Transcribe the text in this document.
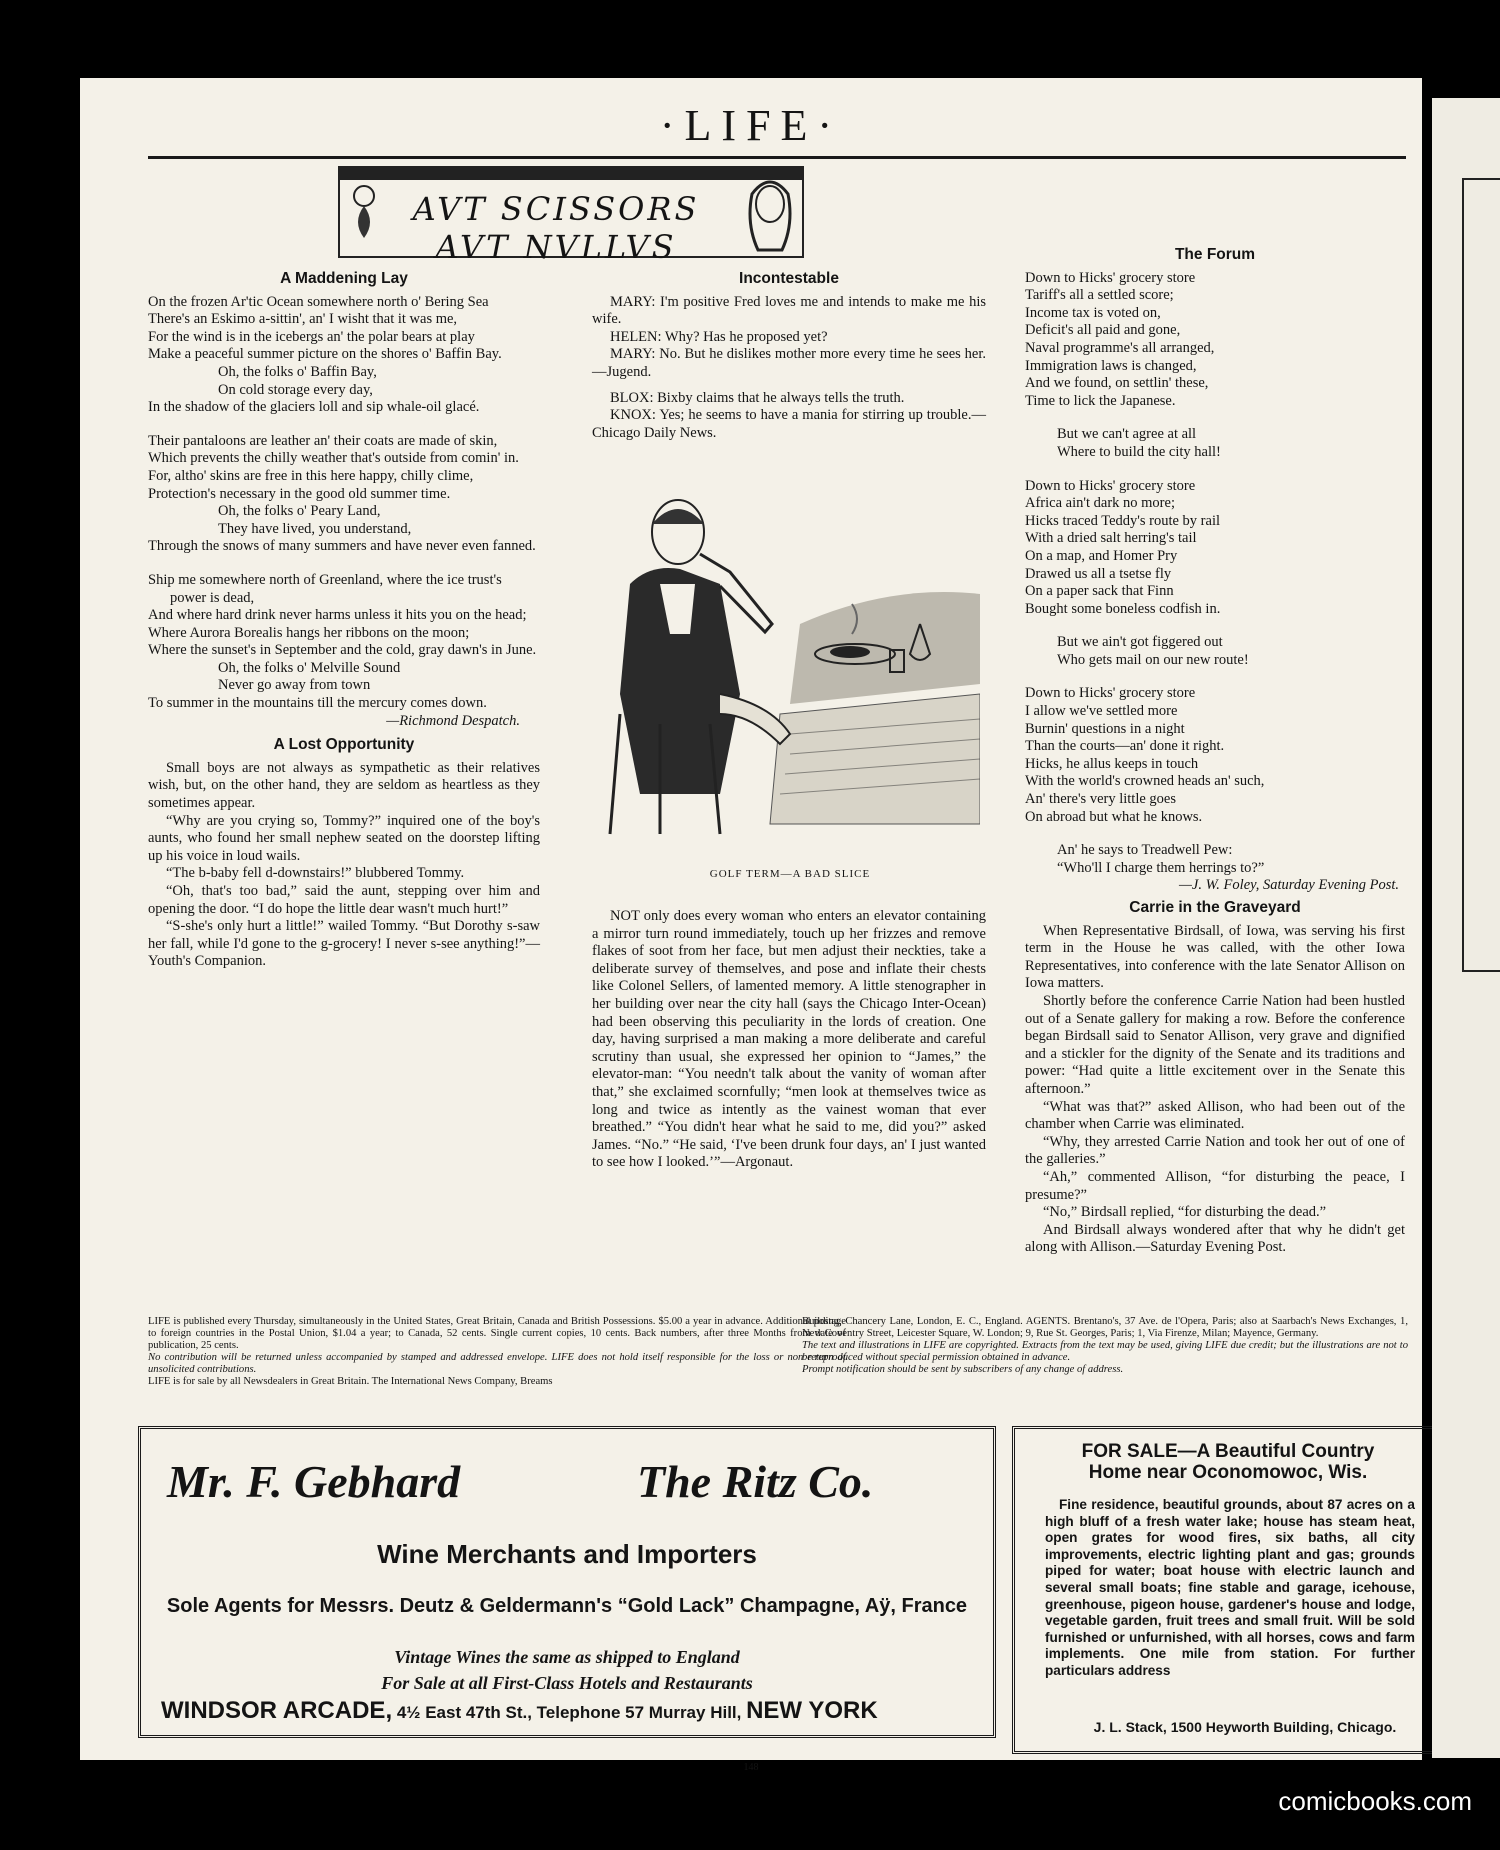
·LIFE·
AVT SCISSORS AVT NVLLVS
A Maddening Lay
On the frozen Ar'tic Ocean somewhere north o' Bering Sea
There's an Eskimo a-sittin', an' I wisht that it was me,
For the wind is in the icebergs an' the polar bears at play
Make a peaceful summer picture on the shores o' Baffin Bay.
Oh, the folks o' Baffin Bay,
On cold storage every day,
In the shadow of the glaciers loll and sip whale-oil glacé.
Their pantaloons are leather an' their coats are made of skin,
Which prevents the chilly weather that's outside from comin' in.
For, altho' skins are free in this here happy, chilly clime,
Protection's necessary in the good old summer time.
Oh, the folks o' Peary Land,
They have lived, you understand,
Through the snows of many summers and have never even fanned.
Ship me somewhere north of Greenland, where the ice trust's power is dead,
And where hard drink never harms unless it hits you on the head;
Where Aurora Borealis hangs her ribbons on the moon;
Where the sunset's in September and the cold, gray dawn's in June.
Oh, the folks o' Melville Sound
Never go away from town
To summer in the mountains till the mercury comes down.

—Richmond Despatch.

A Lost Opportunity

Small boys are not always as sympathetic as their relatives wish, but, on the other hand, they are seldom as heartless as they sometimes appear.

“Why are you crying so, Tommy?” inquired one of the boy's aunts, who found her small nephew seated on the doorstep lifting up his voice in loud wails.

“The b-baby fell d-downstairs!” blubbered Tommy.

“Oh, that's too bad,” said the aunt, stepping over him and opening the door. “I do hope the little dear wasn't much hurt!”

“S-she's only hurt a little!” wailed Tommy. “But Dorothy s-saw her fall, while I'd gone to the g-grocery! I never s-see anything!”—Youth's Companion.

Incontestable

MARY: I'm positive Fred loves me and intends to make me his wife.

HELEN: Why? Has he proposed yet?

MARY: No. But he dislikes mother more every time he sees her.—Jugend.

BLOX: Bixby claims that he always tells the truth.

KNOX: Yes; he seems to have a mania for stirring up trouble.—Chicago Daily News.

GOLF TERM—A BAD SLICE

NOT only does every woman who enters an elevator containing a mirror turn round immediately, touch up her frizzes and remove flakes of soot from her face, but men adjust their neckties, take a deliberate survey of themselves, and pose and inflate their chests like Colonel Sellers, of lamented memory. A little stenographer in her building over near the city hall (says the Chicago Inter-Ocean) had been observing this peculiarity in the lords of creation. One day, having surprised a man making a more deliberate and careful scrutiny than usual, she expressed her opinion to “James,” the elevator-man: “You needn't talk about the vanity of woman after that,” she exclaimed scornfully; “men look at themselves twice as long and twice as intently as the vainest woman that ever breathed.” “You didn't hear what he said to me, did you?” asked James. “No.” “He said, ‘I've been drunk four days, an' I just wanted to see how I looked.’”—Argonaut.

The Forum
Down to Hicks' grocery store
Tariff's all a settled score;
Income tax is voted on,
Deficit's all paid and gone,
Naval programme's all arranged,
Immigration laws is changed,
And we found, on settlin' these,
Time to lick the Japanese.
But we can't agree at all
Where to build the city hall!
Down to Hicks' grocery store
Africa ain't dark no more;
Hicks traced Teddy's route by rail
With a dried salt herring's tail
On a map, and Homer Pry
Drawed us all a tsetse fly
On a paper sack that Finn
Bought some boneless codfish in.
But we ain't got figgered out
Who gets mail on our new route!
Down to Hicks' grocery store
I allow we've settled more
Burnin' questions in a night
Than the courts—an' done it right.
Hicks, he allus keeps in touch
With the world's crowned heads an' such,
An' there's very little goes
On abroad but what he knows.
An' he says to Treadwell Pew:
“Who'll I charge them herrings to?”

—J. W. Foley, Saturday Evening Post.

Carrie in the Graveyard

When Representative Birdsall, of Iowa, was serving his first term in the House he was called, with the other Iowa Representatives, into conference with the late Senator Allison on Iowa matters.

Shortly before the conference Carrie Nation had been hustled out of a Senate gallery for making a row. Before the conference began Birdsall said to Senator Allison, very grave and dignified and a stickler for the dignity of the Senate and its traditions and power: “Had quite a little excitement over in the Senate this afternoon.”

“What was that?” asked Allison, who had been out of the chamber when Carrie was eliminated.

“Why, they arrested Carrie Nation and took her out of one of the galleries.”

“Ah,” commented Allison, “for disturbing the peace, I presume?”

“No,” Birdsall replied, “for disturbing the dead.”

And Birdsall always wondered after that why he didn't get along with Allison.—Saturday Evening Post.

LIFE is published every Thursday, simultaneously in the United States, Great Britain, Canada and British Possessions. $5.00 a year in advance. Additional postage to foreign countries in the Postal Union, $1.04 a year; to Canada, 52 cents. Single current copies, 10 cents. Back numbers, after three Months from date of publication, 25 cents.

No contribution will be returned unless accompanied by stamped and addressed envelope. LIFE does not hold itself responsible for the loss or non return of unsolicited contributions.

LIFE is for sale by all Newsdealers in Great Britain. The International News Company, Breams

Building, Chancery Lane, London, E. C., England. AGENTS. Brentano's, 37 Ave. de l'Opera, Paris; also at Saarbach's News Exchanges, 1, New Coventry Street, Leicester Square, W. London; 9, Rue St. Georges, Paris; 1, Via Firenze, Milan; Mayence, Germany.

The text and illustrations in LIFE are copyrighted. Extracts from the text may be used, giving LIFE due credit; but the illustrations are not to be reproduced without special permission obtained in advance.

Prompt notification should be sent by subscribers of any change of address.

Mr. F. Gebhard	The Ritz Co.
Wine Merchants and Importers
Sole Agents for Messrs. Deutz & Geldermann's “Gold Lack” Champagne, Aÿ, France
Vintage Wines the same as shipped to England
For Sale at all First-Class Hotels and Restaurants
WINDSOR ARCADE, 4½ East 47th St., Telephone 57 Murray Hill, NEW YORK
FOR SALE—A Beautiful Country
Home near Oconomowoc, Wis.
Fine residence, beautiful grounds, about 87 acres on a high bluff of a fresh water lake; house has steam heat, open grates for wood fires, six baths, all city improvements, electric lighting plant and gas; grounds piped for water; boat house with electric launch and several small boats; fine stable and garage, icehouse, greenhouse, pigeon house, gardener's house and lodge, vegetable garden, fruit trees and small fruit. Will be sold furnished or unfurnished, with all horses, cows and farm implements. One mile from station. For further particulars address
J. L. Stack, 1500 Heyworth Building, Chicago.
148
comicbooks.com
